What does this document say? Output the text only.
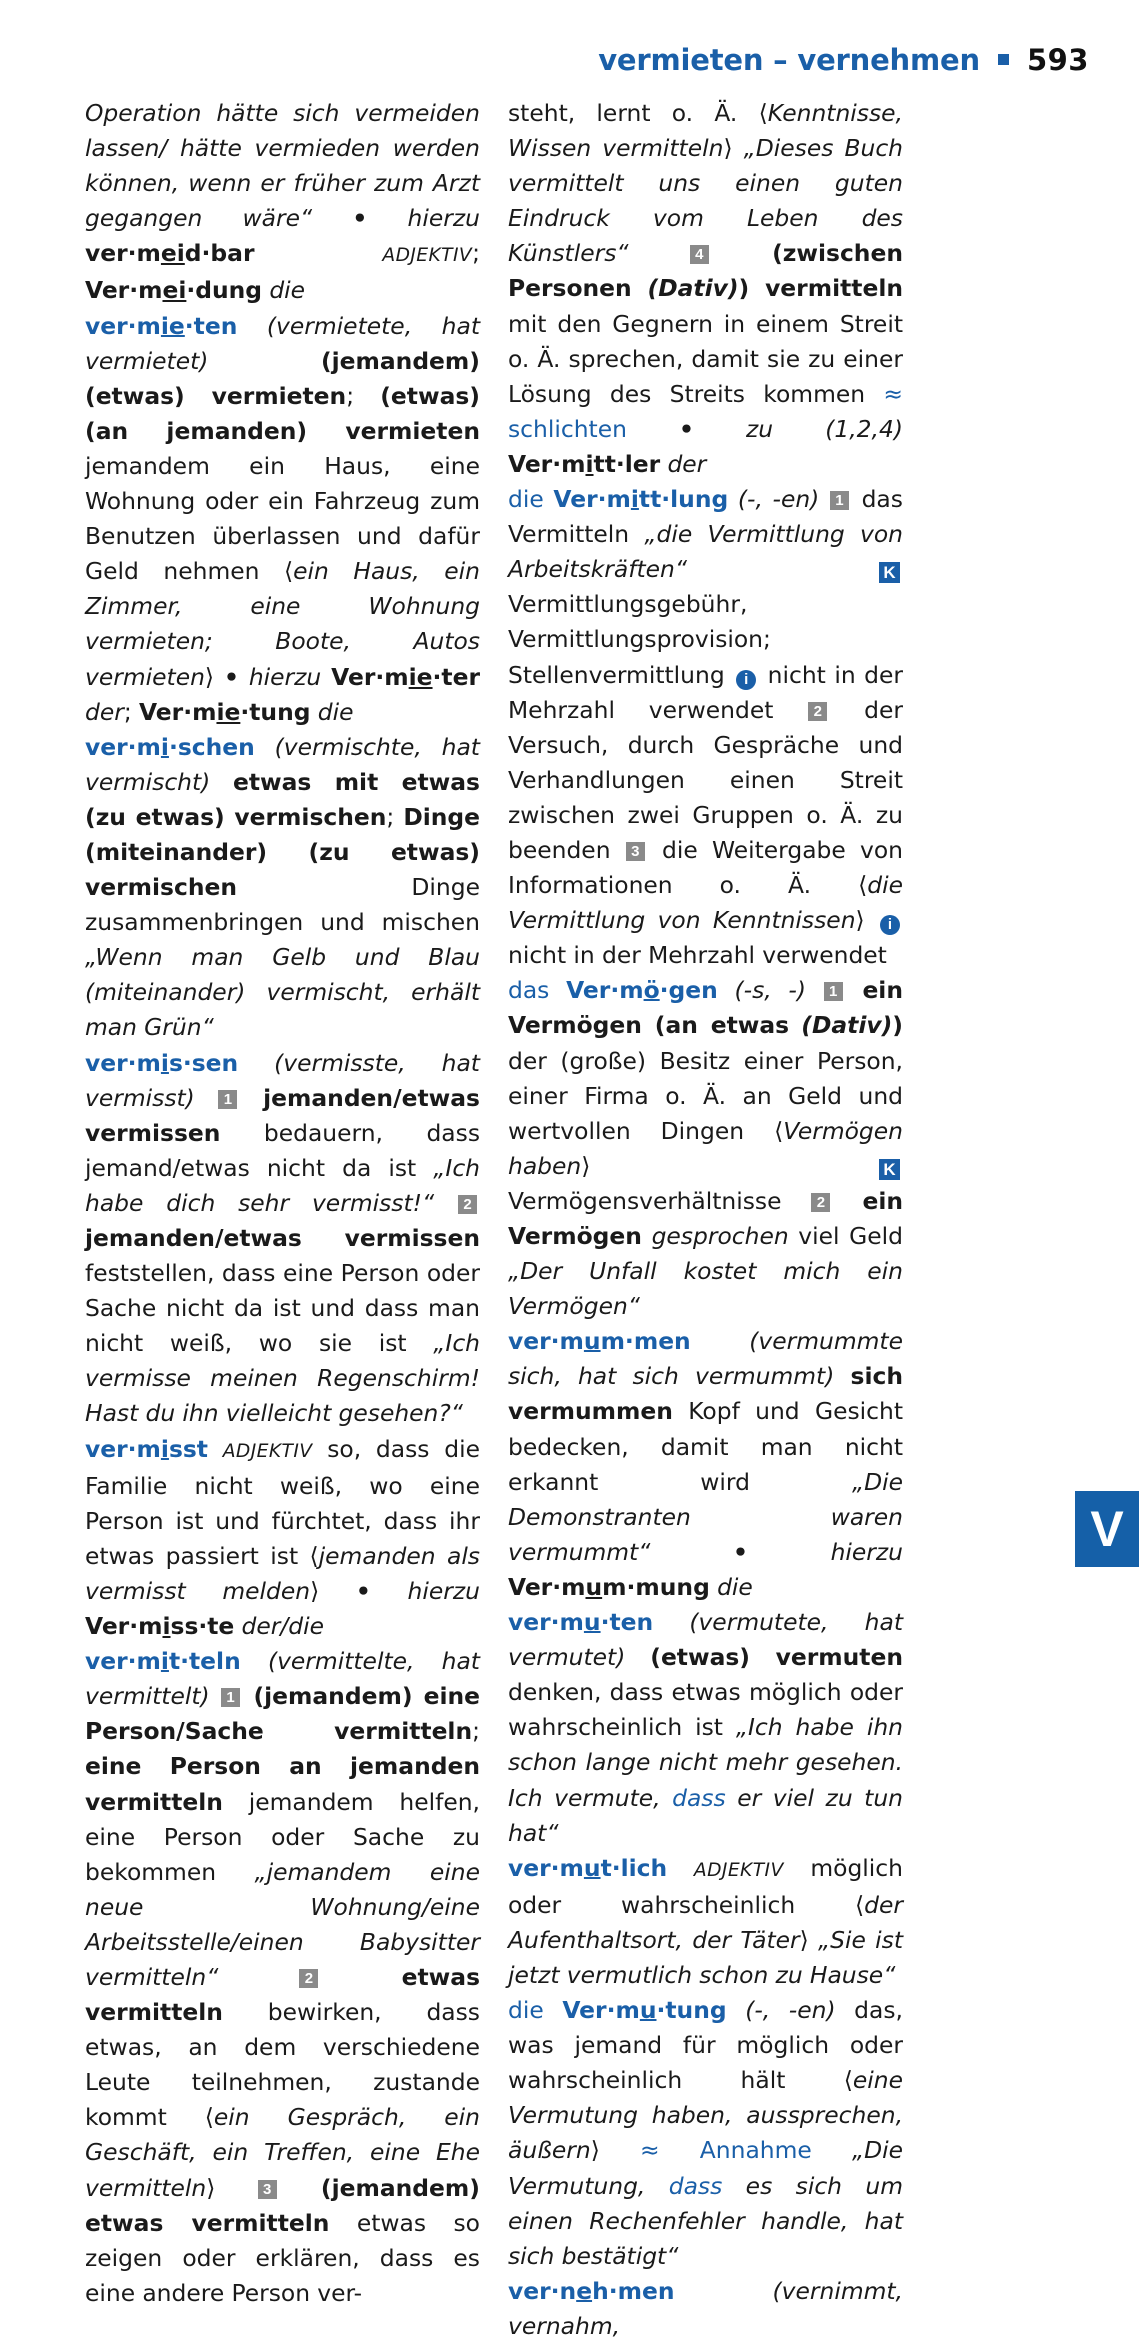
vermieten – vernehmen 593

Operation hätte sich vermeiden lassen/ hätte vermieden werden können, wenn er früher zum Arzt gegangen wäre“ • hierzu ver·meid·bar	ADJEKTIV; Ver·mei·dung die

ver·mie·ten (vermietete, hat vermietet)	(jemandem) (etwas) vermieten; (etwas) (an jemanden) vermieten jemandem ein Haus, eine Wohnung oder ein Fahrzeug zum Benutzen überlassen und dafür Geld nehmen ⟨ein Haus, ein Zimmer, eine Wohnung vermieten; Boote, Autos vermieten⟩ • hierzu Ver·mie·ter der; Ver·mie·tung die

ver·mi·schen (vermischte, hat vermischt) etwas mit etwas (zu etwas) vermischen; Dinge (miteinander) (zu etwas) vermischen Dinge zusammenbringen und mischen „Wenn man Gelb und Blau (miteinander) vermischt, erhält man Grün“

ver·mis·sen (vermisste, hat vermisst) 1 jemanden/etwas vermissen bedauern, dass jemand/etwas nicht da ist „Ich habe dich sehr vermisst!“ 2 jemanden/etwas vermissen feststellen, dass eine Person oder Sache nicht da ist und dass man nicht weiß, wo sie ist „Ich vermisse meinen Regenschirm! Hast du ihn vielleicht gesehen?“

ver·misst ADJEKTIV so, dass die Familie nicht weiß, wo eine Person ist und fürchtet, dass ihr etwas passiert ist ⟨jemanden als vermisst melden⟩ • hierzu Ver·miss·te der/die

ver·mit·teln (vermittelte, hat vermittelt) 1 (jemandem) eine Person/Sache vermitteln; eine Person an jemanden vermitteln jemandem helfen, eine Person oder Sache zu bekommen „jemandem eine neue Wohnung/eine Arbeitsstelle/einen Babysitter vermitteln“	2	etwas vermitteln bewirken, dass etwas, an dem verschiedene Leute teilnehmen, zustande kommt ⟨ein Gespräch, ein Geschäft, ein Treffen, eine Ehe vermitteln⟩ 3 (jemandem) etwas vermitteln etwas so zeigen oder erklären, dass es eine andere Person ver-

steht, lernt o. Ä. ⟨Kenntnisse, Wissen vermitteln⟩ „Dieses Buch vermittelt uns einen guten Eindruck vom Leben des Künstlers“	4	(zwischen Personen (Dativ)) vermitteln mit den Gegnern in einem Streit o. Ä. sprechen, damit sie zu einer Lösung des Streits kommen ≈ schlichten • zu (1,2,4) Ver·mitt·ler der

die Ver·mitt·lung (-, -en) 1 das Vermitteln „die Vermittlung von Arbeitskräften“	K Vermittlungsgebühr, Vermittlungsprovision; Stellenvermittlung i nicht in der Mehrzahl verwendet 2 der Versuch, durch Gespräche und Verhandlungen einen Streit zwischen zwei Gruppen o. Ä. zu beenden 3 die Weitergabe von Informationen o. Ä. ⟨die Vermittlung von Kenntnissen⟩ i nicht in der Mehrzahl verwendet

das Ver·mö·gen (-s, -) 1 ein Vermögen (an etwas (Dativ)) der (große) Besitz einer Person, einer Firma o. Ä. an Geld und wertvollen Dingen ⟨Vermögen haben⟩ K Vermögensverhältnisse 2 ein Vermögen gesprochen viel Geld „Der Unfall kostet mich ein Vermögen“

ver·mum·men	(vermummte sich, hat sich vermummt) sich vermummen Kopf und Gesicht bedecken, damit man nicht erkannt wird „Die Demonstranten waren vermummt“	•	hierzu Ver·mum·mung die

ver·mu·ten (vermutete, hat vermutet) (etwas) vermuten denken, dass etwas möglich oder wahrscheinlich ist „Ich habe ihn schon lange nicht mehr gesehen. Ich vermute, dass er viel zu tun hat“

ver·mut·lich ADJEKTIV möglich oder wahrscheinlich ⟨der Aufenthaltsort, der Täter⟩ „Sie ist jetzt vermutlich schon zu Hause“

die Ver·mu·tung (-, -en) das, was jemand für möglich oder wahrscheinlich hält ⟨eine Vermutung haben, aussprechen, äußern⟩ ≈ Annahme „Die Vermutung, dass es sich um einen Rechenfehler handle, hat sich bestätigt“

ver·neh·men	(vernimmt, vernahm,

V
